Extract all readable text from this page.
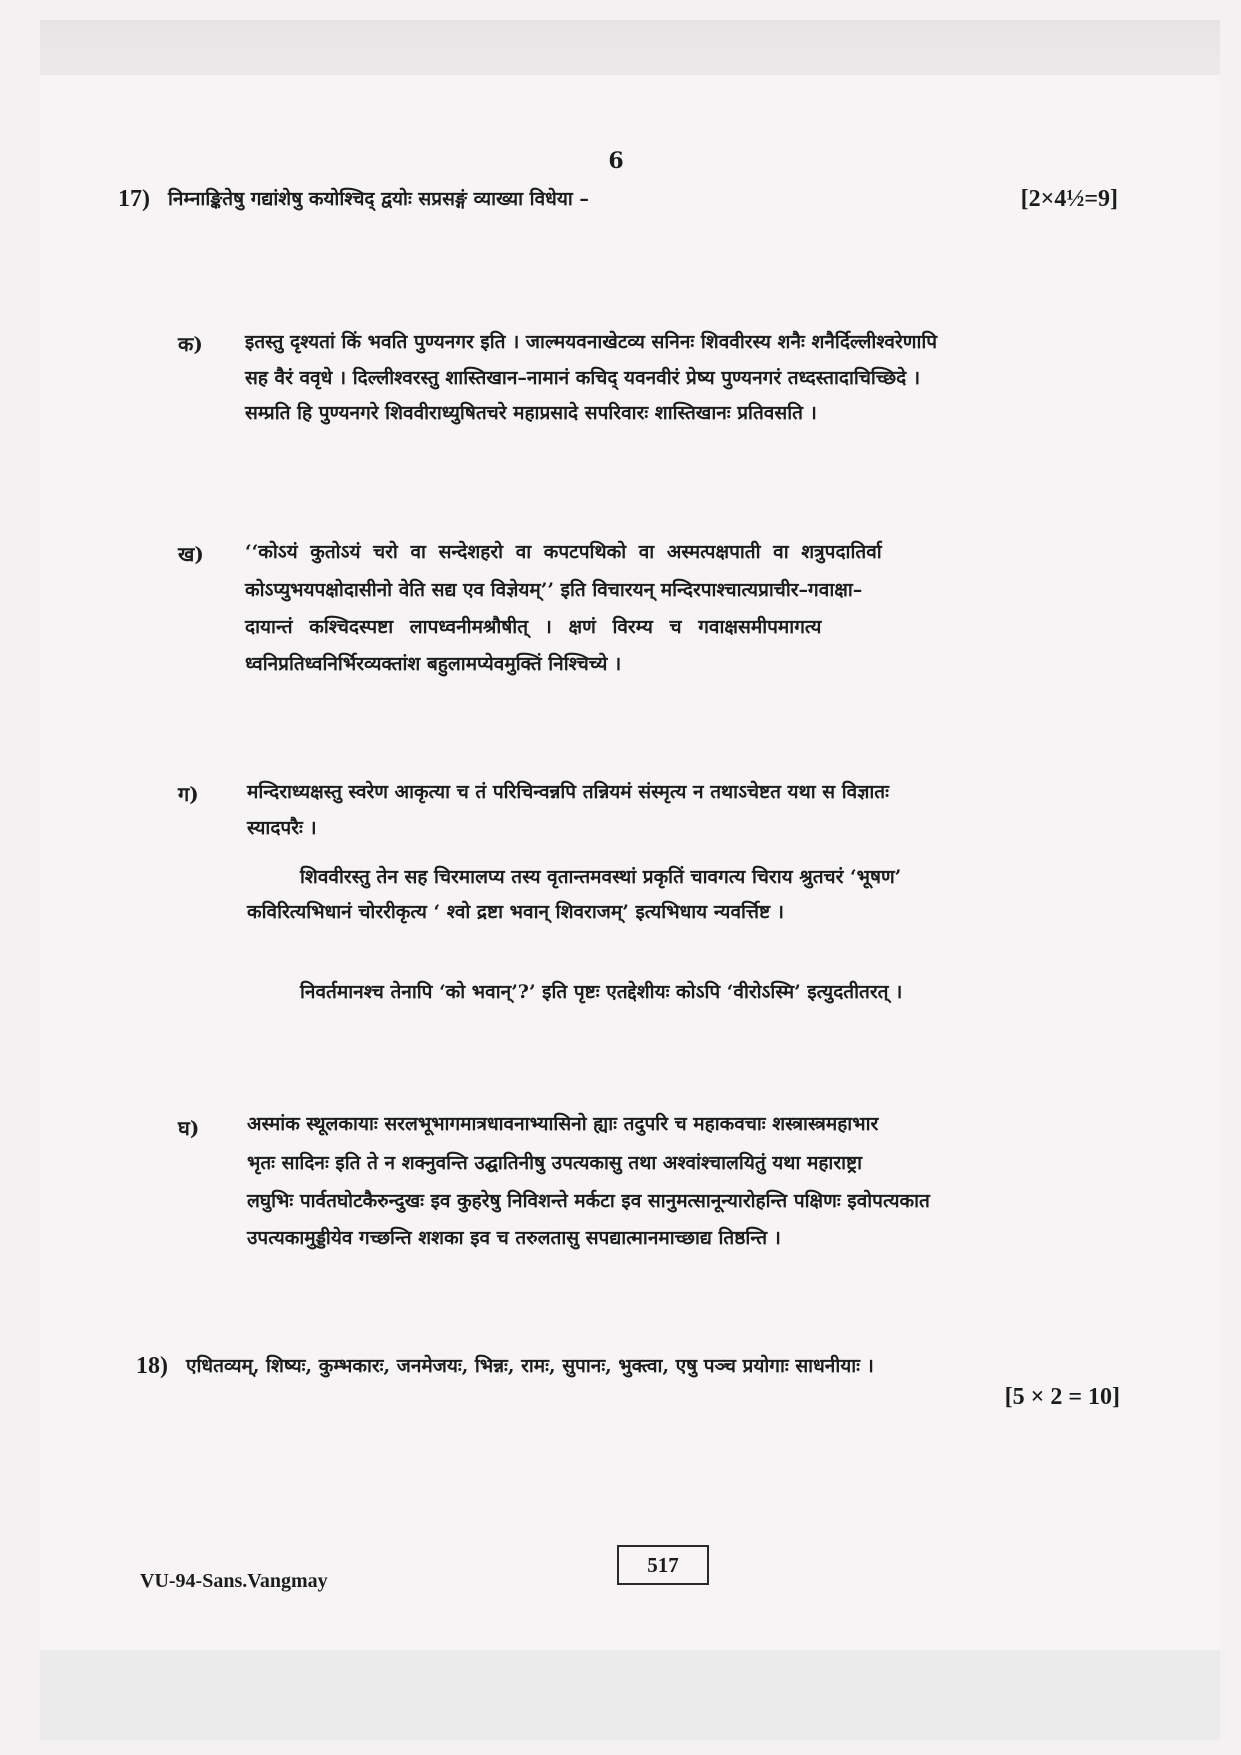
6
17) निम्नाङ्कितेषु गद्यांशेषु कयोश्चिद् द्वयोः सप्रसङ्गं व्याख्या विधेया –	[2×4½=9]
क) इतस्तु दृश्यतां किं भवति पुण्यनगर इति । जाल्मयवनाखेटव्य सनिनः शिववीरस्य शनैः शनैर्दिल्लीश्वरेणापि
सह वैरं ववृधे । दिल्लीश्वरस्तु शास्तिखान–नामानं कचिद् यवनवीरं प्रेष्य पुण्यनगरं तध्दस्तादाचिच्छिदे ।
सम्प्रति हि पुण्यनगरे शिववीराध्युषितचरे महाप्रसादे सपरिवारः शास्तिखानः प्रतिवसति ।
ख) ‘‘कोऽयं कुतोऽयं चरो वा सन्देशहरो वा कपटपथिको वा अस्मत्पक्षपाती वा शत्रुपदातिर्वा
कोऽप्युभयपक्षोदासीनो वेति सद्य एव विज्ञेयम्’’ इति विचारयन् मन्दिरपाश्चात्यप्राचीर–गवाक्षा–
दायान्तं कश्चिदस्पष्टा लापध्वनीमश्रौषीत् । क्षणं विरम्य च गवाक्षसमीपमागत्य
ध्वनिप्रतिध्वनिर्भिरव्यक्तांश बहुलामप्येवमुक्तिं निश्चिच्ये ।
ग)	मन्दिराध्यक्षस्तु स्वरेण आकृत्या च तं परिचिन्वन्नपि तन्नियमं संस्मृत्य न तथाऽचेष्टत यथा स विज्ञातः
स्यादपरैः ।
शिववीरस्तु तेन सह चिरमालप्य तस्य वृतान्तमवस्थां प्रकृतिं चावगत्य चिराय श्रुतचरं ‘भूषण’
कविरित्यभिधानं चोररीकृत्य ‘ श्वो द्रष्टा भवान् शिवराजम्’ इत्यभिधाय न्यवर्त्तिष्ट ।
निवर्तमानश्च तेनापि ‘को भवान्’?’ इति पृष्टः एतद्देशीयः कोऽपि ‘वीरोऽस्मि’ इत्युदतीतरत् ।
घ)	अस्मांक स्थूलकायाः सरलभूभागमात्रधावनाभ्यासिनो ह्याः तदुपरि च महाकवचाः शस्त्रास्त्रमहाभार
भृतः सादिनः इति ते न शक्नुवन्ति उद्घातिनीषु उपत्यकासु तथा अश्वांश्चालयितुं यथा महाराष्ट्रा
लघुभिः पार्वतघोटकैरुन्दुखः इव कुहरेषु निविशन्ते मर्कटा इव सानुमत्सानून्यारोहन्ति पक्षिणः इवोपत्यकात
उपत्यकामुड्डीयेव गच्छन्ति शशका इव च तरुलतासु सपद्यात्मानमाच्छाद्य तिष्ठन्ति ।
18) एधितव्यम्, शिष्यः, कुम्भकारः, जनमेजयः, भिन्नः, रामः, सुपानः, भुक्त्वा, एषु पञ्च प्रयोगाः साधनीयाः ।
[5 × 2 = 10]
VU-94-Sans.Vangmay
517
